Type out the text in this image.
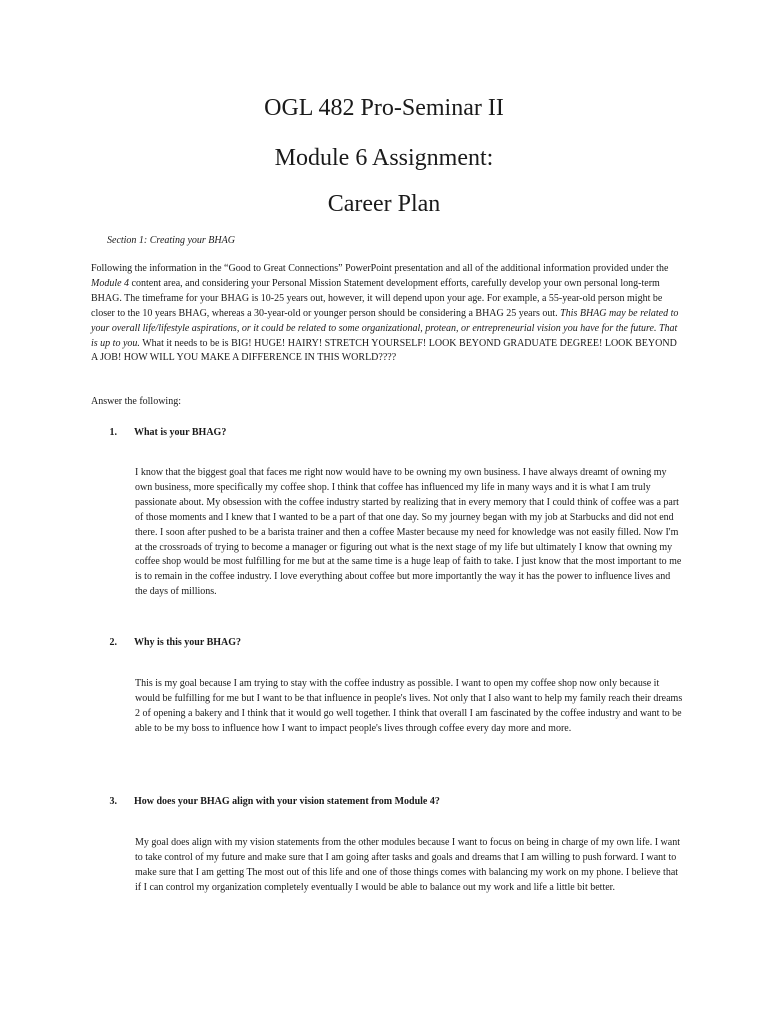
OGL 482 Pro-Seminar II
Module 6 Assignment:
Career Plan

Section 1: Creating your BHAG

Following the information in the “Good to Great Connections” PowerPoint presentation and all of the additional information provided under the Module 4 content area, and considering your Personal Mission Statement development efforts, carefully develop your own personal long-term BHAG. The timeframe for your BHAG is 10-25 years out, however, it will depend upon your age. For example, a 55-year-old person might be closer to the 10 years BHAG, whereas a 30-year-old or younger person should be considering a BHAG 25 years out. This BHAG may be related to your overall life/lifestyle aspirations, or it could be related to some organizational, protean, or entrepreneurial vision you have for the future. That is up to you. What it needs to be is BIG! HUGE! HAIRY! STRETCH YOURSELF! LOOK BEYOND GRADUATE DEGREE! LOOK BEYOND A JOB! HOW WILL YOU MAKE A DIFFERENCE IN THIS WORLD????

Answer the following:

1. What is your BHAG?

I know that the biggest goal that faces me right now would have to be owning my own business. I have always dreamt of owning my own business, more specifically my coffee shop. I think that coffee has influenced my life in many ways and it is what I am truly passionate about. My obsession with the coffee industry started by realizing that in every memory that I could think of coffee was a part of those moments and I knew that I wanted to be a part of that one day. So my journey began with my job at Starbucks and did not end there. I soon after pushed to be a barista trainer and then a coffee Master because my need for knowledge was not easily filled. Now I'm at the crossroads of trying to become a manager or figuring out what is the next stage of my life but ultimately I know that owning my coffee shop would be most fulfilling for me but at the same time is a huge leap of faith to take. I just know that the most important to me is to remain in the coffee industry. I love everything about coffee but more importantly the way it has the power to influence lives and the days of millions.

2. Why is this your BHAG?

This is my goal because I am trying to stay with the coffee industry as possible. I want to open my coffee shop now only because it would be fulfilling for me but I want to be that influence in people's lives. Not only that I also want to help my family reach their dreams 2 of opening a bakery and I think that it would go well together. I think that overall I am fascinated by the coffee industry and want to be able to be my boss to influence how I want to impact people's lives through coffee every day more and more.

3. How does your BHAG align with your vision statement from Module 4?

My goal does align with my vision statements from the other modules because I want to focus on being in charge of my own life. I want to take control of my future and make sure that I am going after tasks and goals and dreams that I am willing to push forward. I want to make sure that I am getting The most out of this life and one of those things comes with balancing my work on my phone. I believe that if I can control my organization completely eventually I would be able to balance out my work and life a little bit better.
